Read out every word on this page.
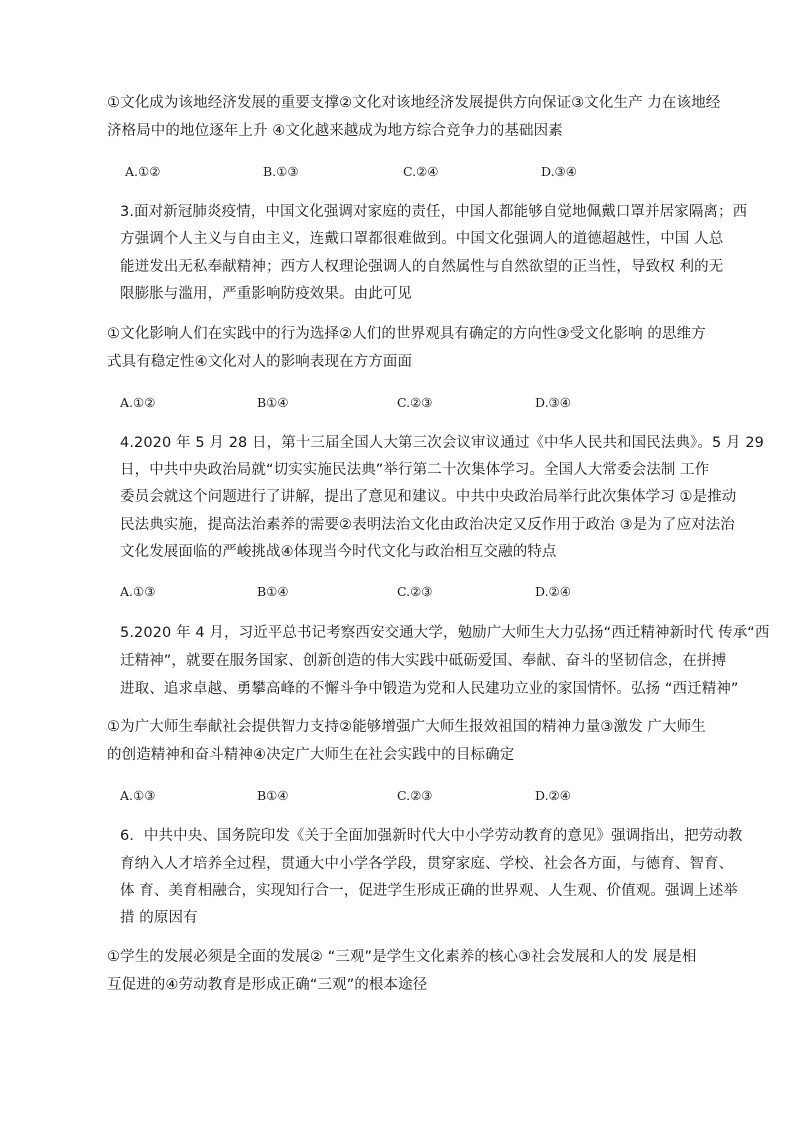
①文化成为该地经济发展的重要支撑②文化对该地经济发展提供方向保证③文化生产 力在该地经
济格局中的地位逐年上升 ④文化越来越成为地方综合竞争力的基础因素
A.①②	B.①③	C.②④	D.③④
3.面对新冠肺炎疫情，中国文化强调对家庭的责任，中国人都能够自觉地佩戴口罩并居家隔离；西
方强调个人主义与自由主义，连戴口罩都很难做到。中国文化强调人的道德超越性，中国 人总
能迸发出无私奉献精神；西方人权理论强调人的自然属性与自然欲望的正当性，导致权 利的无
限膨胀与滥用，严重影响防疫效果。由此可见
①文化影响人们在实践中的行为选择②人们的世界观具有确定的方向性③受文化影响 的思维方
式具有稳定性④文化对人的影响表现在方方面面
A.①②	B①④	C.②③	D.③④
4.2020 年 5 月 28 日，第十三届全国人大第三次会议审议通过《中华人民共和国民法典》。5 月 29
日，中共中央政治局就“切实实施民法典”举行第二十次集体学习。全国人大常委会法制 工作
委员会就这个问题进行了讲解，提出了意见和建议。中共中央政治局举行此次集体学习 ①是推动
民法典实施，提高法治素养的需要②表明法治文化由政治决定又反作用于政治 ③是为了应对法治
文化发展面临的严峻挑战④体现当今时代文化与政治相互交融的特点
A.①③	B①④	C.②③	D.②④
5.2020 年 4 月，习近平总书记考察西安交通大学，勉励广大师生大力弘扬“西迁精神新时代 传承“西
迁精神”，就要在服务国家、创新创造的伟大实践中砥砺爱国、奉献、奋斗的坚韧信念，在拼搏
进取、追求卓越、勇攀高峰的不懈斗争中锻造为党和人民建功立业的家国情怀。弘扬 “西迁精神”
①为广大师生奉献社会提供智力支持②能够增强广大师生报效祖国的精神力量③激发 广大师生
的创造精神和奋斗精神④决定广大师生在社会实践中的目标确定
A.①③	B①④	C.②③	D.②④
6．中共中央、国务院印发《关于全面加强新时代大中小学劳动教育的意见》强调指出，把劳动教
育纳入人才培养全过程，贯通大中小学各学段，贯穿家庭、学校、社会各方面，与德育、智育、
体 育、美育相融合，实现知行合一，促进学生形成正确的世界观、人生观、价值观。强调上述举
措 的原因有
①学生的发展必须是全面的发展② “三观”是学生文化素养的核心③社会发展和人的发 展是相
互促进的④劳动教育是形成正确“三观”的根本途径
